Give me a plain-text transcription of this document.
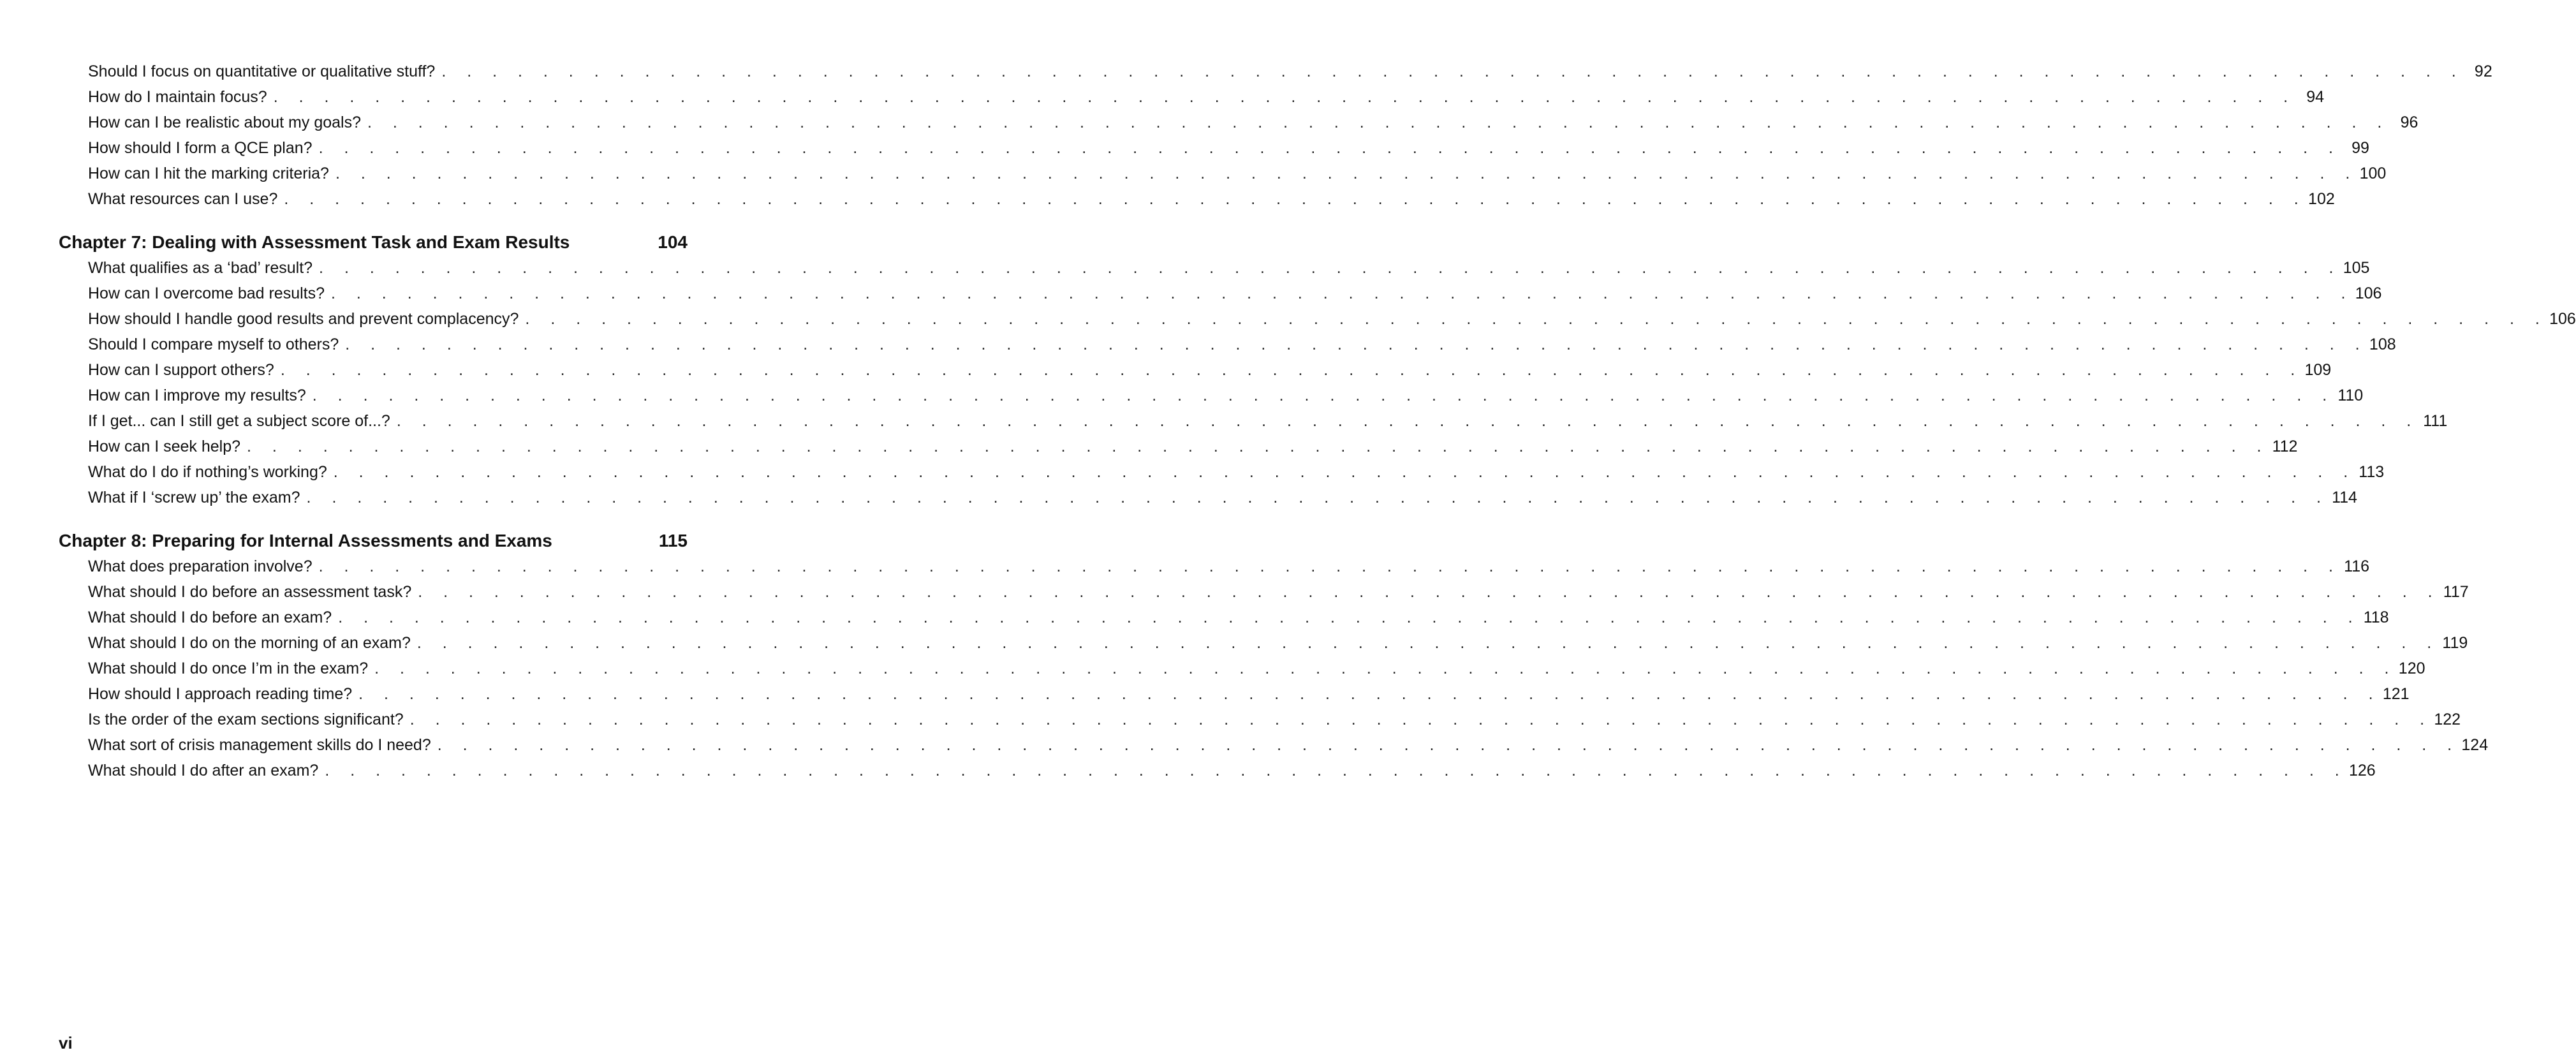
Should I focus on quantitative or qualitative stuff? . . . . . . . . . . . . . . . . . . . . . . . . . . . . . . . . . . . . . . . . . . . . . . . . . . . . . . . . . . . . . . . . . . . . . . . . . . . . . . . . 92
How do I maintain focus? . . . . . . . . . . . . . . . . . . . . . . . . . . . . . . . . . . . . . . . . . . . . . . . . . . . . . . . . . . . . . . . . . . . . . . . . . . . . . . . . 94
How can I be realistic about my goals? . . . . . . . . . . . . . . . . . . . . . . . . . . . . . . . . . . . . . . . . . . . . . . . . . . . . . . . . . . . . . . . . . . . . . . . . . . . . . . . . 96
How should I form a QCE plan? . . . . . . . . . . . . . . . . . . . . . . . . . . . . . . . . . . . . . . . . . . . . . . . . . . . . . . . . . . . . . . . . . . . . . . . . . . . . . . . . 99
How can I hit the marking criteria? . . . . . . . . . . . . . . . . . . . . . . . . . . . . . . . . . . . . . . . . . . . . . . . . . . . . . . . . . . . . . . . . . . . . . . . . . . . . . . . . 100
What resources can I use? . . . . . . . . . . . . . . . . . . . . . . . . . . . . . . . . . . . . . . . . . . . . . . . . . . . . . . . . . . . . . . . . . . . . . . . . . . . . . . . . 102
Chapter 7: Dealing with Assessment Task and Exam Results	104
What qualifies as a ‘bad’ result? . . . . . . . . . . . . . . . . . . . . . . . . . . . . . . . . . . . . . . . . . . . . . . . . . . . . . . . . . . . . . . . . . . . . . . . . . . . . . . . . 105
How can I overcome bad results? . . . . . . . . . . . . . . . . . . . . . . . . . . . . . . . . . . . . . . . . . . . . . . . . . . . . . . . . . . . . . . . . . . . . . . . . . . . . . . . . 106
How should I handle good results and prevent complacency? . . . . . . . . . . . . . . . . . . . . . . . . . . . . . . . . . . . . . . . . . . . . . . . . . . . . . . . . . . . . . . . . . . . . . . . . . . . . . . . . 106
Should I compare myself to others? . . . . . . . . . . . . . . . . . . . . . . . . . . . . . . . . . . . . . . . . . . . . . . . . . . . . . . . . . . . . . . . . . . . . . . . . . . . . . . . . 108
How can I support others? . . . . . . . . . . . . . . . . . . . . . . . . . . . . . . . . . . . . . . . . . . . . . . . . . . . . . . . . . . . . . . . . . . . . . . . . . . . . . . . . 109
How can I improve my results? . . . . . . . . . . . . . . . . . . . . . . . . . . . . . . . . . . . . . . . . . . . . . . . . . . . . . . . . . . . . . . . . . . . . . . . . . . . . . . . . 110
If I get... can I still get a subject score of...? . . . . . . . . . . . . . . . . . . . . . . . . . . . . . . . . . . . . . . . . . . . . . . . . . . . . . . . . . . . . . . . . . . . . . . . . . . . . . . . . 111
How can I seek help? . . . . . . . . . . . . . . . . . . . . . . . . . . . . . . . . . . . . . . . . . . . . . . . . . . . . . . . . . . . . . . . . . . . . . . . . . . . . . . . . 112
What do I do if nothing’s working? . . . . . . . . . . . . . . . . . . . . . . . . . . . . . . . . . . . . . . . . . . . . . . . . . . . . . . . . . . . . . . . . . . . . . . . . . . . . . . . . 113
What if I ‘screw up’ the exam? . . . . . . . . . . . . . . . . . . . . . . . . . . . . . . . . . . . . . . . . . . . . . . . . . . . . . . . . . . . . . . . . . . . . . . . . . . . . . . . . 114
Chapter 8: Preparing for Internal Assessments and Exams	115
What does preparation involve? . . . . . . . . . . . . . . . . . . . . . . . . . . . . . . . . . . . . . . . . . . . . . . . . . . . . . . . . . . . . . . . . . . . . . . . . . . . . . . . . 116
What should I do before an assessment task? . . . . . . . . . . . . . . . . . . . . . . . . . . . . . . . . . . . . . . . . . . . . . . . . . . . . . . . . . . . . . . . . . . . . . . . . . . . . . . . . 117
What should I do before an exam? . . . . . . . . . . . . . . . . . . . . . . . . . . . . . . . . . . . . . . . . . . . . . . . . . . . . . . . . . . . . . . . . . . . . . . . . . . . . . . . . 118
What should I do on the morning of an exam? . . . . . . . . . . . . . . . . . . . . . . . . . . . . . . . . . . . . . . . . . . . . . . . . . . . . . . . . . . . . . . . . . . . . . . . . . . . . . . . . 119
What should I do once I’m in the exam? . . . . . . . . . . . . . . . . . . . . . . . . . . . . . . . . . . . . . . . . . . . . . . . . . . . . . . . . . . . . . . . . . . . . . . . . . . . . . . . . 120
How should I approach reading time? . . . . . . . . . . . . . . . . . . . . . . . . . . . . . . . . . . . . . . . . . . . . . . . . . . . . . . . . . . . . . . . . . . . . . . . . . . . . . . . . 121
Is the order of the exam sections significant? . . . . . . . . . . . . . . . . . . . . . . . . . . . . . . . . . . . . . . . . . . . . . . . . . . . . . . . . . . . . . . . . . . . . . . . . . . . . . . . . 122
What sort of crisis management skills do I need? . . . . . . . . . . . . . . . . . . . . . . . . . . . . . . . . . . . . . . . . . . . . . . . . . . . . . . . . . . . . . . . . . . . . . . . . . . . . . . . . 124
What should I do after an exam? . . . . . . . . . . . . . . . . . . . . . . . . . . . . . . . . . . . . . . . . . . . . . . . . . . . . . . . . . . . . . . . . . . . . . . . . . . . . . . . . 126
vi
